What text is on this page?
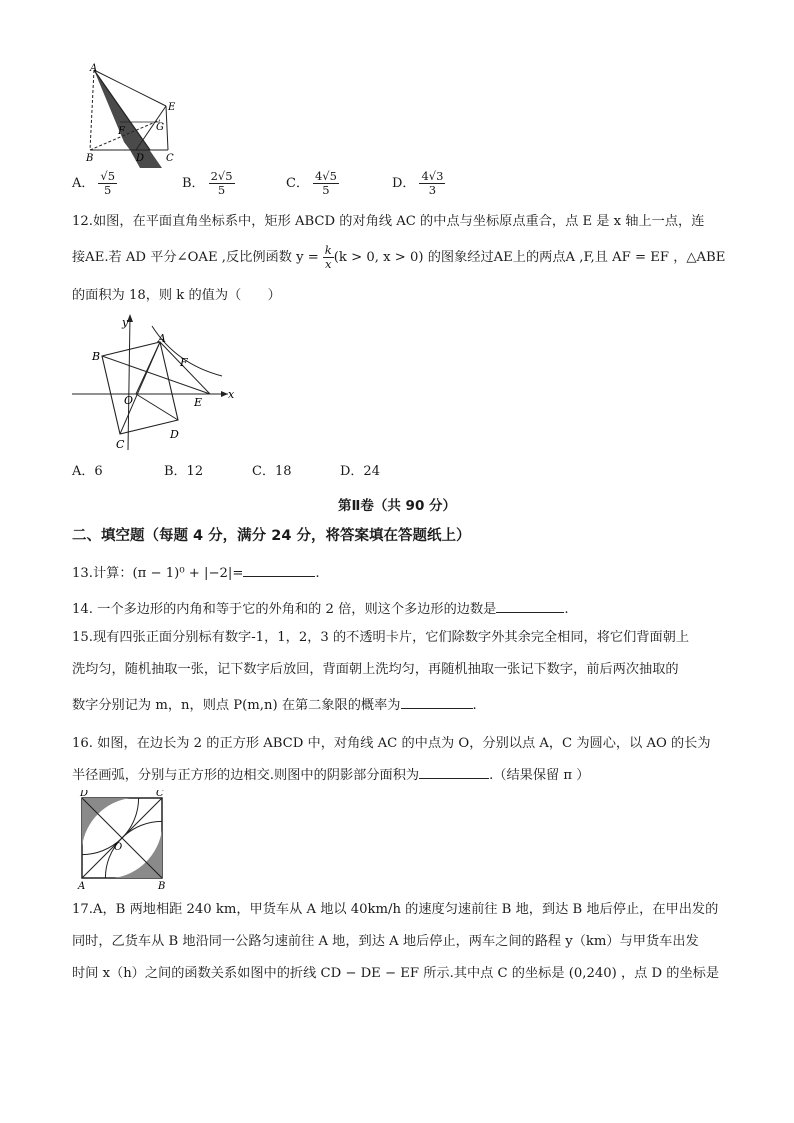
A
E
F	G
B	D C
A． $\frac{√5}{5}$	B． $\frac{2√5}{5}$	C． $\frac{4√5}{5}$	D． $\frac{4√3}{3}$
12.如图，在平面直角坐标系中，矩形 ABCD 的对角线 AC 的中点与坐标原点重合，点 E 是 x 轴上一点，连
接AE.若 AD 平分∠OAE ,反比例函数 $y = \frac{k}{x} (k > 0$, x > 0) 的图象经过AE上的两点A ,F,且 AF = EF ，△ABE
的面积为 18，则 k 的值为（　　）
y
A
B	F
O	E
x
C
D
A．6	B．12	C．18	D．24
第Ⅱ卷（共 90 分）
二、填空题（每题 4 分，满分 24 分，将答案填在答题纸上）
13.计算：(π − 1)⁰ + |−2|=	.
14. 一个多边形的内角和等于它的外角和的 2 倍，则这个多边形的边数是	.
15.现有四张正面分别标有数字-1，1，2，3 的不透明卡片，它们除数字外其余完全相同，将它们背面朝上
洗均匀，随机抽取一张，记下数字后放回，背面朝上洗均匀，再随机抽取一张记下数字，前后两次抽取的
数字分别记为 m，n，则点 P(m,n) 在第二象限的概率为	.
16. 如图，在边长为 2 的正方形 ABCD 中，对角线 AC 的中点为 O，分别以点 A，C 为圆心，以 AO 的长为
半径画弧，分别与正方形的边相交.则图中的阴影部分面积为	.（结果保留 π ）
D	C
O
A	B
17.A，B 两地相距 240 km，甲货车从 A 地以 40km/h 的速度匀速前往 B 地，到达 B 地后停止，在甲出发的
同时，乙货车从 B 地沿同一公路匀速前往 A 地，到达 A 地后停止，两车之间的路程 y（km）与甲货车出发
时间 x（h）之间的函数关系如图中的折线 CD − DE − EF 所示.其中点 C 的坐标是 (0,240) ，点 D 的坐标是
